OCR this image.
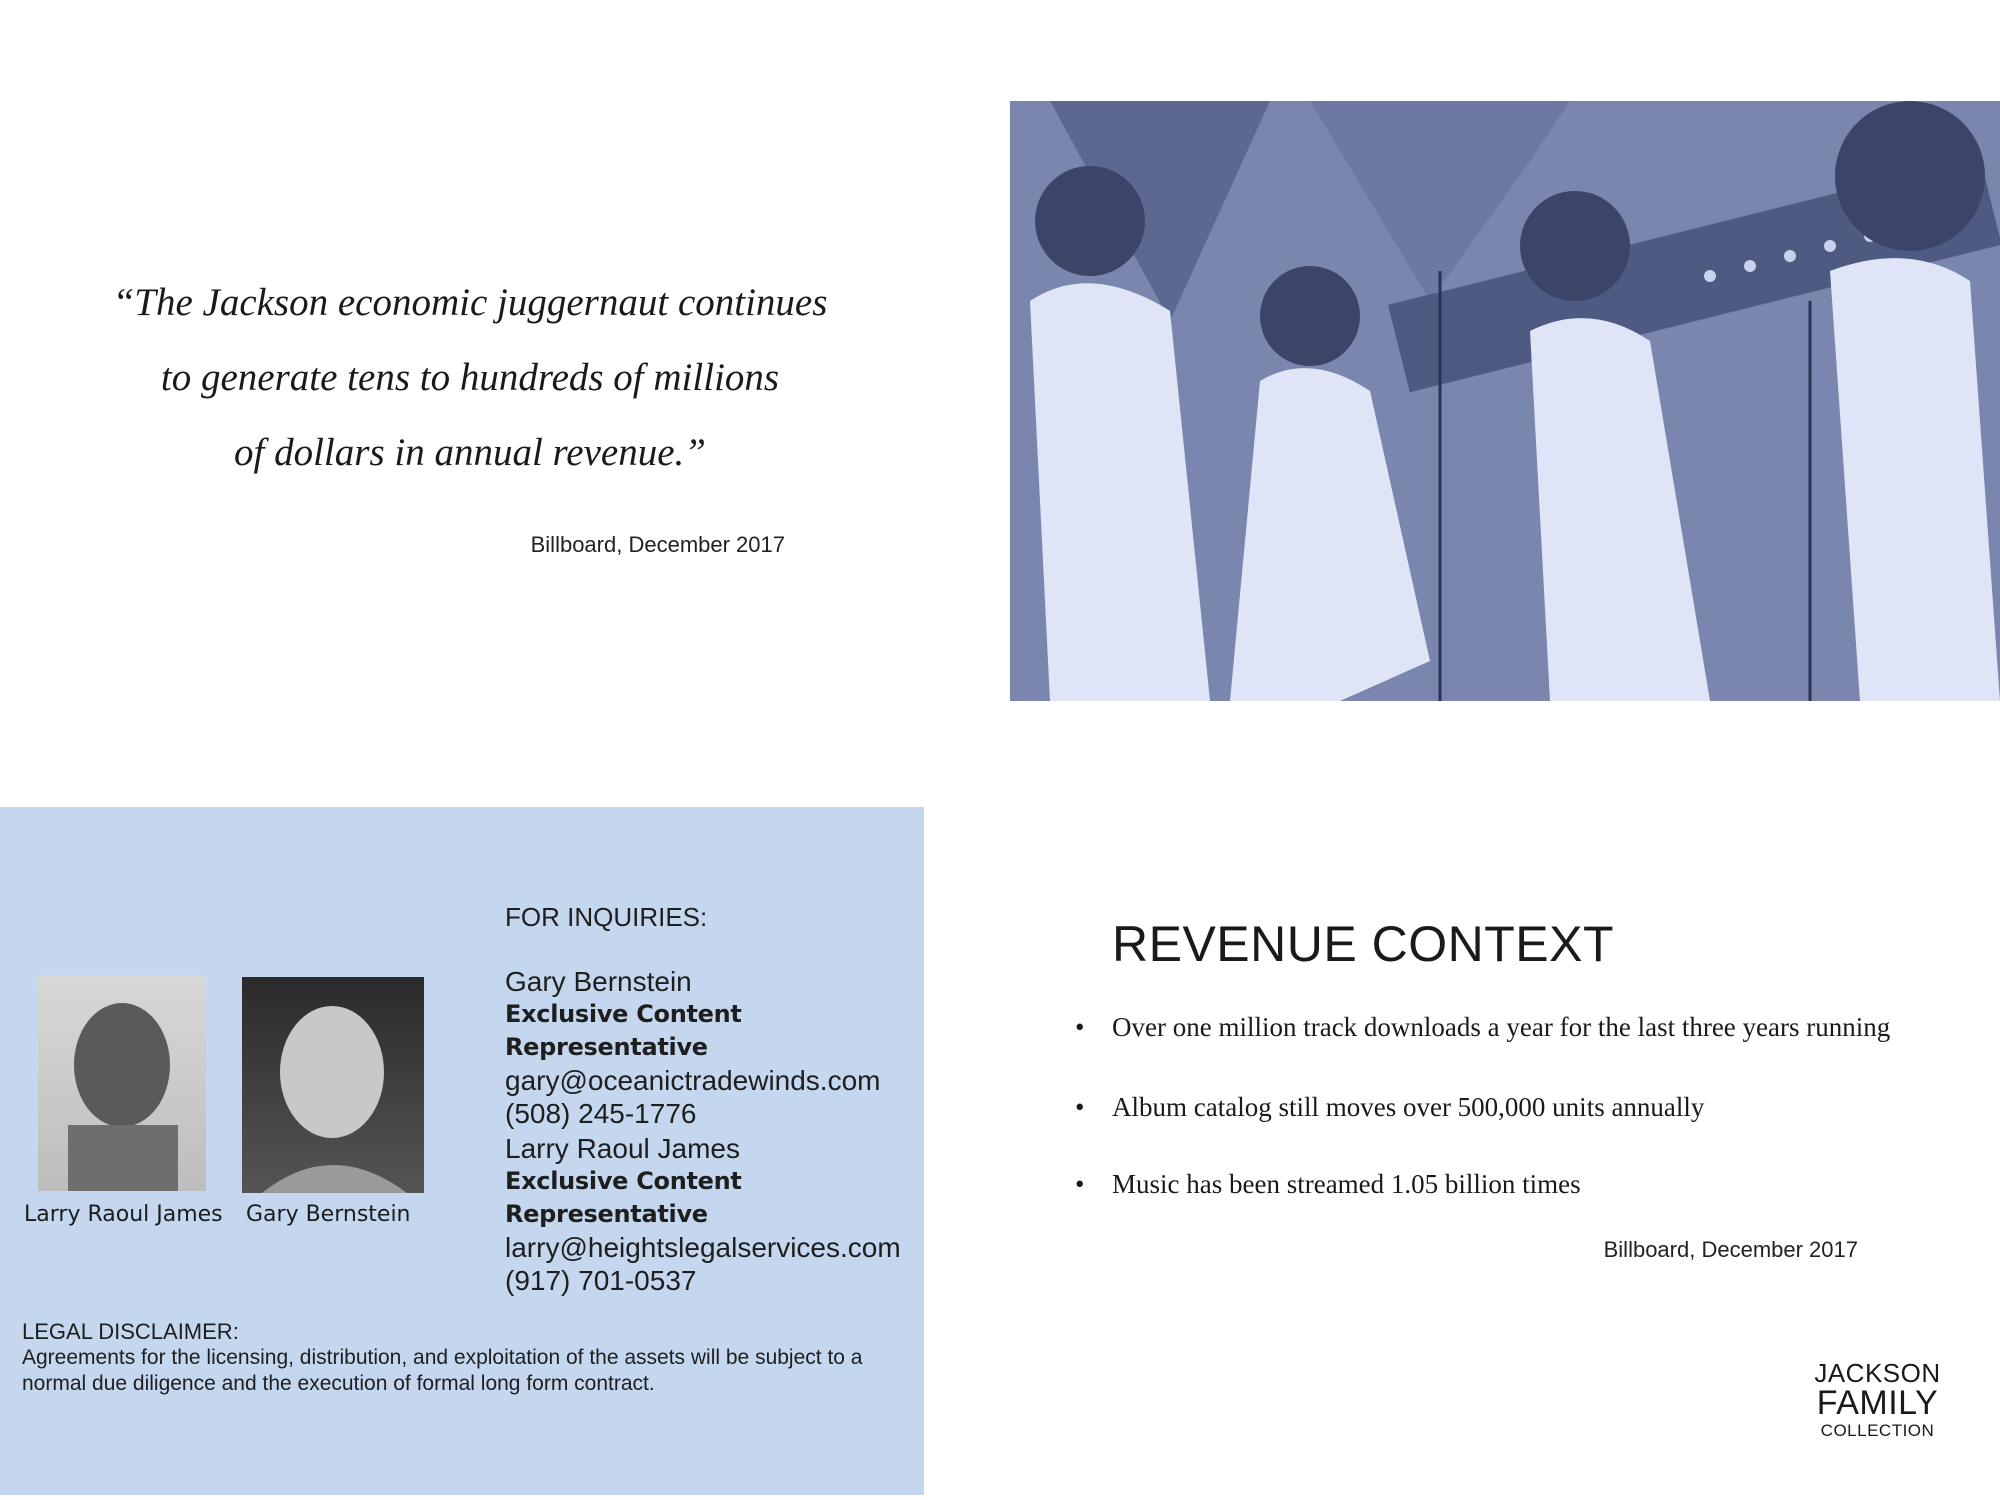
“The Jackson economic juggernaut continues
to generate tens to hundreds of millions
of dollars in annual revenue.”

Billboard, December 2017
Larry Raoul James Gary Bernstein
FOR INQUIRIES:
Gary Bernstein
Exclusive Content Representative
gary@oceanictradewinds.com
(508) 245-1776
Larry Raoul James
Exclusive Content Representative
larry@heightslegalservices.com
(917) 701-0537
LEGAL DISCLAIMER:
Agreements for the licensing, distribution, and exploitation of the assets will be subject to a normal due diligence and the execution of formal long form contract.
REVENUE CONTEXT
• Over one million track downloads a year for the last three years running
• Album catalog still moves over 500,000 units annually
• Music has been streamed 1.05 billion times
Billboard, December 2017
JACKSON
FAMILY
COLLECTION
